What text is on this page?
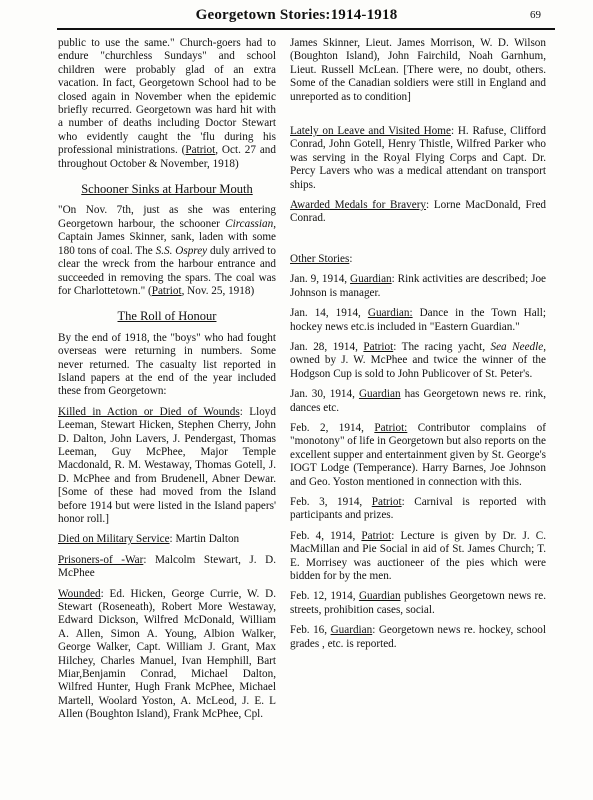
Georgetown Stories:1914-1918	69

public to use the same." Church-goers had to endure "churchless Sundays" and school children were probably glad of an extra vacation. In fact, Georgetown School had to be closed again in November when the epidemic briefly recurred. Georgetown was hard hit with a number of deaths including Doctor Stewart who evidently caught the 'flu during his professional ministrations. (Patriot, Oct. 27 and throughout October & November, 1918)

Schooner Sinks at Harbour Mouth

"On Nov. 7th, just as she was entering Georgetown harbour, the schooner Circassian, Captain James Skinner, sank, laden with some 180 tons of coal. The S.S. Osprey duly arrived to clear the wreck from the harbour entrance and succeeded in removing the spars. The coal was for Charlottetown." (Patriot, Nov. 25, 1918)

The Roll of Honour

By the end of 1918, the "boys" who had fought overseas were returning in numbers. Some never returned. The casualty list reported in Island papers at the end of the year included these from Georgetown:

Killed in Action or Died of Wounds: Lloyd Leeman, Stewart Hicken, Stephen Cherry, John D. Dalton, John Lavers, J. Pendergast, Thomas Leeman, Guy McPhee, Major Temple Macdonald, R. M. Westaway, Thomas Gotell, J. D. McPhee and from Brudenell, Abner Dewar. [Some of these had moved from the Island before 1914 but were listed in the Island papers' honor roll.]

Died on Military Service: Martin Dalton

Prisoners-of -War: Malcolm Stewart, J. D. McPhee

Wounded: Ed. Hicken, George Currie, W. D. Stewart (Roseneath), Robert More Westaway, Edward Dickson, Wilfred McDonald, William A. Allen, Simon A. Young, Albion Walker, George Walker, Capt. William J. Grant, Max Hilchey, Charles Manuel, Ivan Hemphill, Bart Miar,Benjamin Conrad, Michael Dalton, Wilfred Hunter, Hugh Frank McPhee, Michael Martell, Woolard Yoston, A. McLeod, J. E. L Allen (Boughton Island), Frank McPhee, Cpl.

James Skinner, Lieut. James Morrison, W. D. Wilson (Boughton Island), John Fairchild, Noah Garnhum, Lieut. Russell McLean. [There were, no doubt, others. Some of the Canadian soldiers were still in England and unreported as to condition]

Lately on Leave and Visited Home: H. Rafuse, Clifford Conrad, John Gotell, Henry Thistle, Wilfred Parker who was serving in the Royal Flying Corps and Capt. Dr. Percy Lavers who was a medical attendant on transport ships.

Awarded Medals for Bravery: Lorne MacDonald, Fred Conrad.

Other Stories:

Jan. 9, 1914, Guardian: Rink activities are described; Joe Johnson is manager.

Jan. 14, 1914, Guardian: Dance in the Town Hall; hockey news etc.is included in "Eastern Guardian."

Jan. 28, 1914, Patriot: The racing yacht, Sea Needle, owned by J. W. McPhee and twice the winner of the Hodgson Cup is sold to John Publicover of St. Peter's.

Jan. 30, 1914, Guardian has Georgetown news re. rink, dances etc.

Feb. 2, 1914, Patriot: Contributor complains of "monotony" of life in Georgetown but also reports on the excellent supper and entertainment given by St. George's IOGT Lodge (Temperance). Harry Barnes, Joe Johnson and Geo. Yoston mentioned in connection with this.

Feb. 3, 1914, Patriot: Carnival is reported with participants and prizes.

Feb. 4, 1914, Patriot: Lecture is given by Dr. J. C. MacMillan and Pie Social in aid of St. James Church; T. E. Morrisey was auctioneer of the pies which were bidden for by the men.

Feb. 12, 1914, Guardian publishes Georgetown news re. streets, prohibition cases, social.

Feb. 16, Guardian: Georgetown news re. hockey, school grades , etc. is reported.
